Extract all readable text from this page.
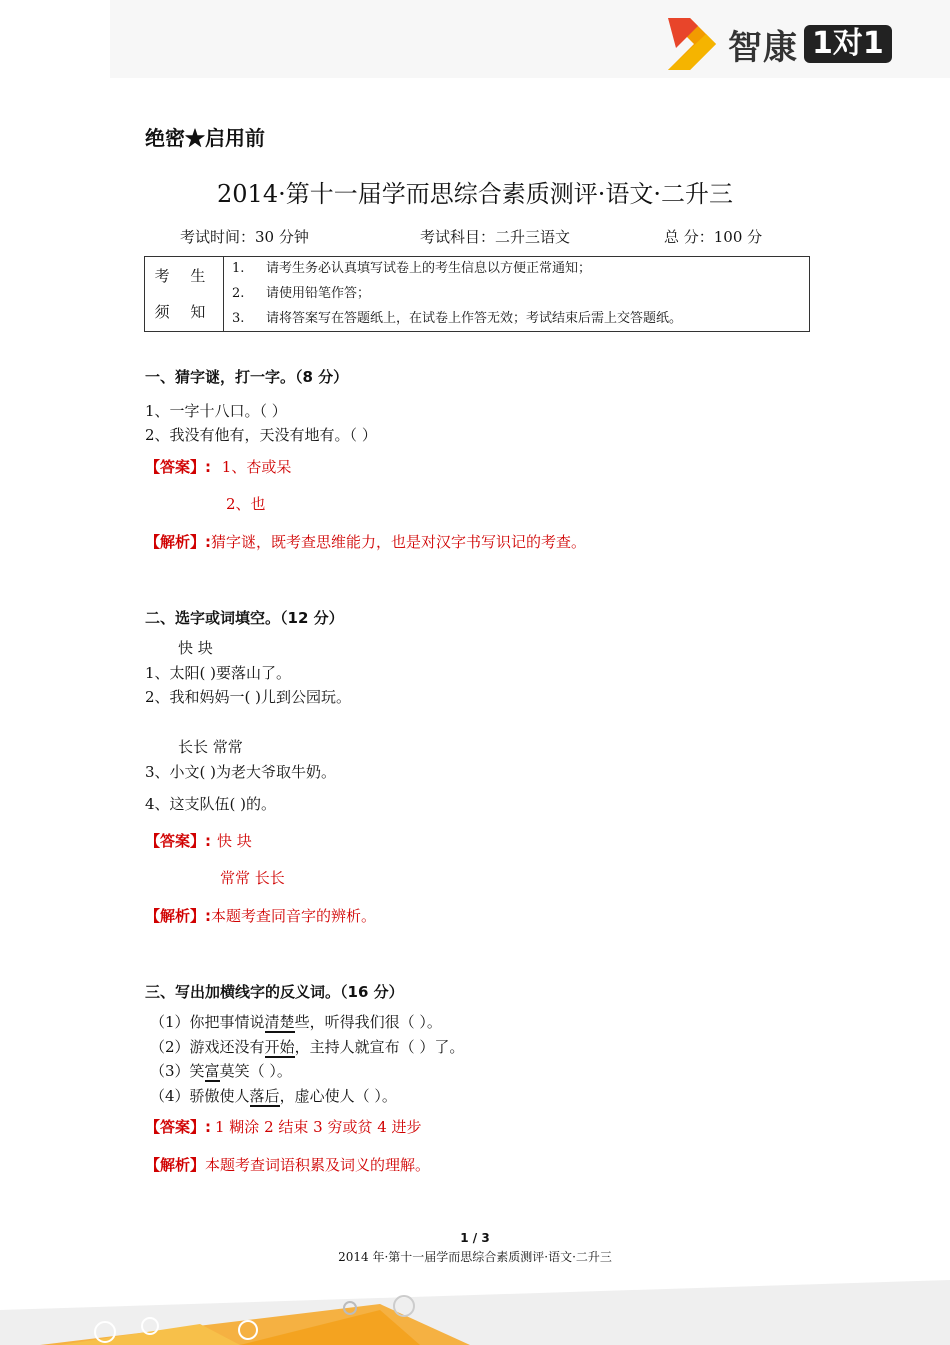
智康 1对1
绝密★启用前
2014·第十一届学而思综合素质测评·语文·二升三
考试时间：30 分钟	考试科目：二升三语文	总 分：100 分
考 生
须 知
	1. 请考生务必认真填写试卷上的考生信息以方便正常通知；
2. 请使用铅笔作答；
3. 请将答案写在答题纸上，在试卷上作答无效；考试结束后需上交答题纸。
一、猜字谜，打一字。（8 分）
1、一字十八口。（ ）
2、我没有他有，天没有地有。（ ）
【答案】: 1、杏或呆
2、也
【解析】:猜字谜，既考查思维能力，也是对汉字书写识记的考查。
二、选字或词填空。（12 分）
快 块
1、太阳( )要落山了。
2、我和妈妈一( )儿到公园玩。
长长 常常
3、小文( )为老大爷取牛奶。
4、这支队伍( )的。
【答案】: 快 块
常常 长长
【解析】:本题考查同音字的辨析。
三、写出加横线字的反义词。（16 分）
（1）你把事情说清楚些，听得我们很（ ）。
（2）游戏还没有开始，主持人就宣布（ ）了。
（3）笑富莫笑（ ）。
（4）骄傲使人落后，虚心使人（ ）。
【答案】: 1 糊涂 2 结束 3 穷或贫 4 进步
【解析】本题考查词语积累及词义的理解。
1 / 3
2014 年·第十一届学而思综合素质测评·语文·二升三
